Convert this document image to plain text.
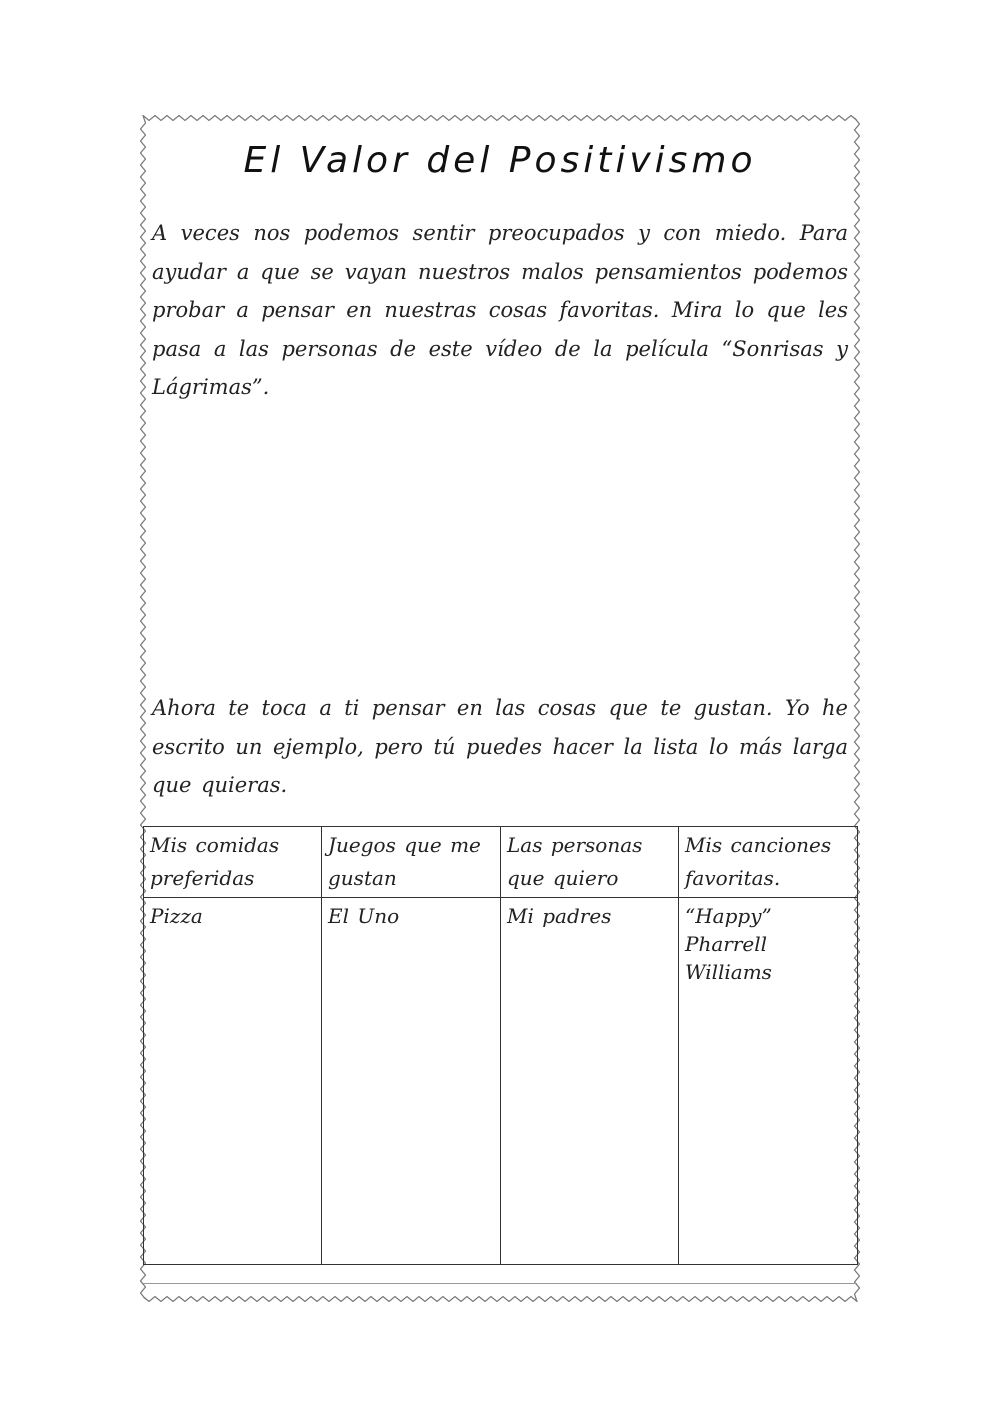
El Valor del Positivismo

A veces nos podemos sentir preocupados y con miedo. Para ayudar a que se vayan nuestros malos pensamientos podemos probar a pensar en nuestras cosas favoritas. Mira lo que les pasa a las personas de este vídeo de la película “Sonrisas y Lágrimas”.

Ahora te toca a ti pensar en las cosas que te gustan. Yo he escrito un ejemplo, pero tú puedes hacer la lista lo más larga que quieras.

Mis comidas preferidas	Juegos que me gustan	Las personas que quiero	Mis canciones favoritas.
Pizza	El Uno	Mi padres	“Happy” Pharrell Williams
